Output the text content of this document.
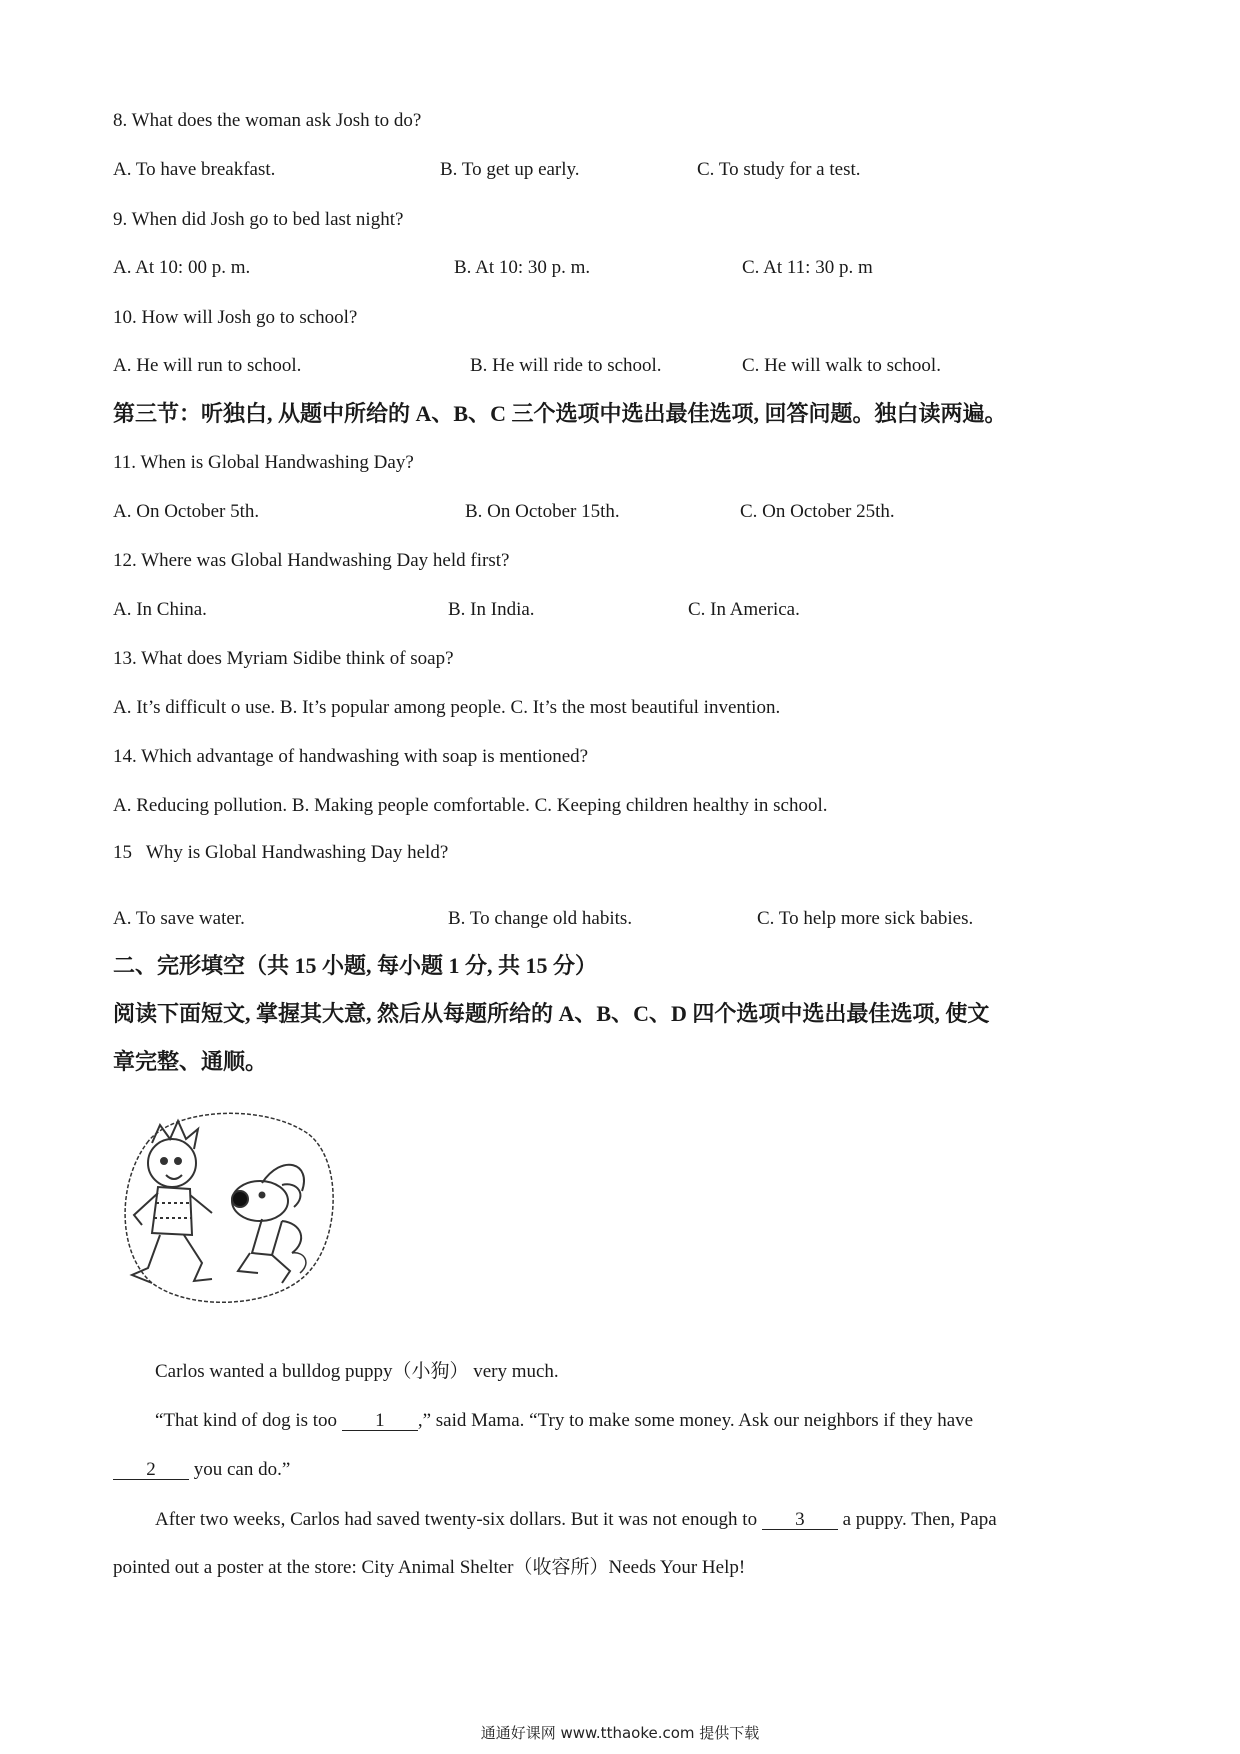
8. What does the woman ask Josh to do?
A. To have breakfast.	B. To get up early.	C. To study for a test.
9. When did Josh go to bed last night?
A. At 10: 00 p. m.	B. At 10: 30 p. m.	C. At 11: 30 p. m
10. How will Josh go to school?
A. He will run to school.	B. He will ride to school.	C. He will walk to school.
第三节：听独白, 从题中所给的 A、B、C 三个选项中选出最佳选项, 回答问题。独白读两遍。
11. When is Global Handwashing Day?
A. On October 5th.	B. On October 15th.	C. On October 25th.
12. Where was Global Handwashing Day held first?
A. In China.	B. In India.	C. In America.
13. What does Myriam Sidibe think of soap?
A. It’s difficult o use. B. It’s popular among people. C. It’s the most beautiful invention.
14. Which advantage of handwashing with soap is mentioned?
A. Reducing pollution. B. Making people comfortable. C. Keeping children healthy in school.
15   Why is Global Handwashing Day held?
A. To save water.	B. To change old habits.	C. To help more sick babies.
二、完形填空（共 15 小题, 每小题 1 分, 共 15 分）
阅读下面短文, 掌握其大意, 然后从每题所给的 A、B、C、D 四个选项中选出最佳选项, 使文
章完整、通顺。
Carlos wanted a bulldog puppy（小狗） very much.
“That kind of dog is too 1 ,” said Mama. “Try to make some money. Ask our neighbors if they have
2 you can do.”
After two weeks, Carlos had saved twenty-six dollars. But it was not enough to 3 a puppy. Then, Papa
pointed out a poster at the store: City Animal Shelter（收容所）Needs Your Help!
通通好课网 www.tthaoke.com 提供下载
